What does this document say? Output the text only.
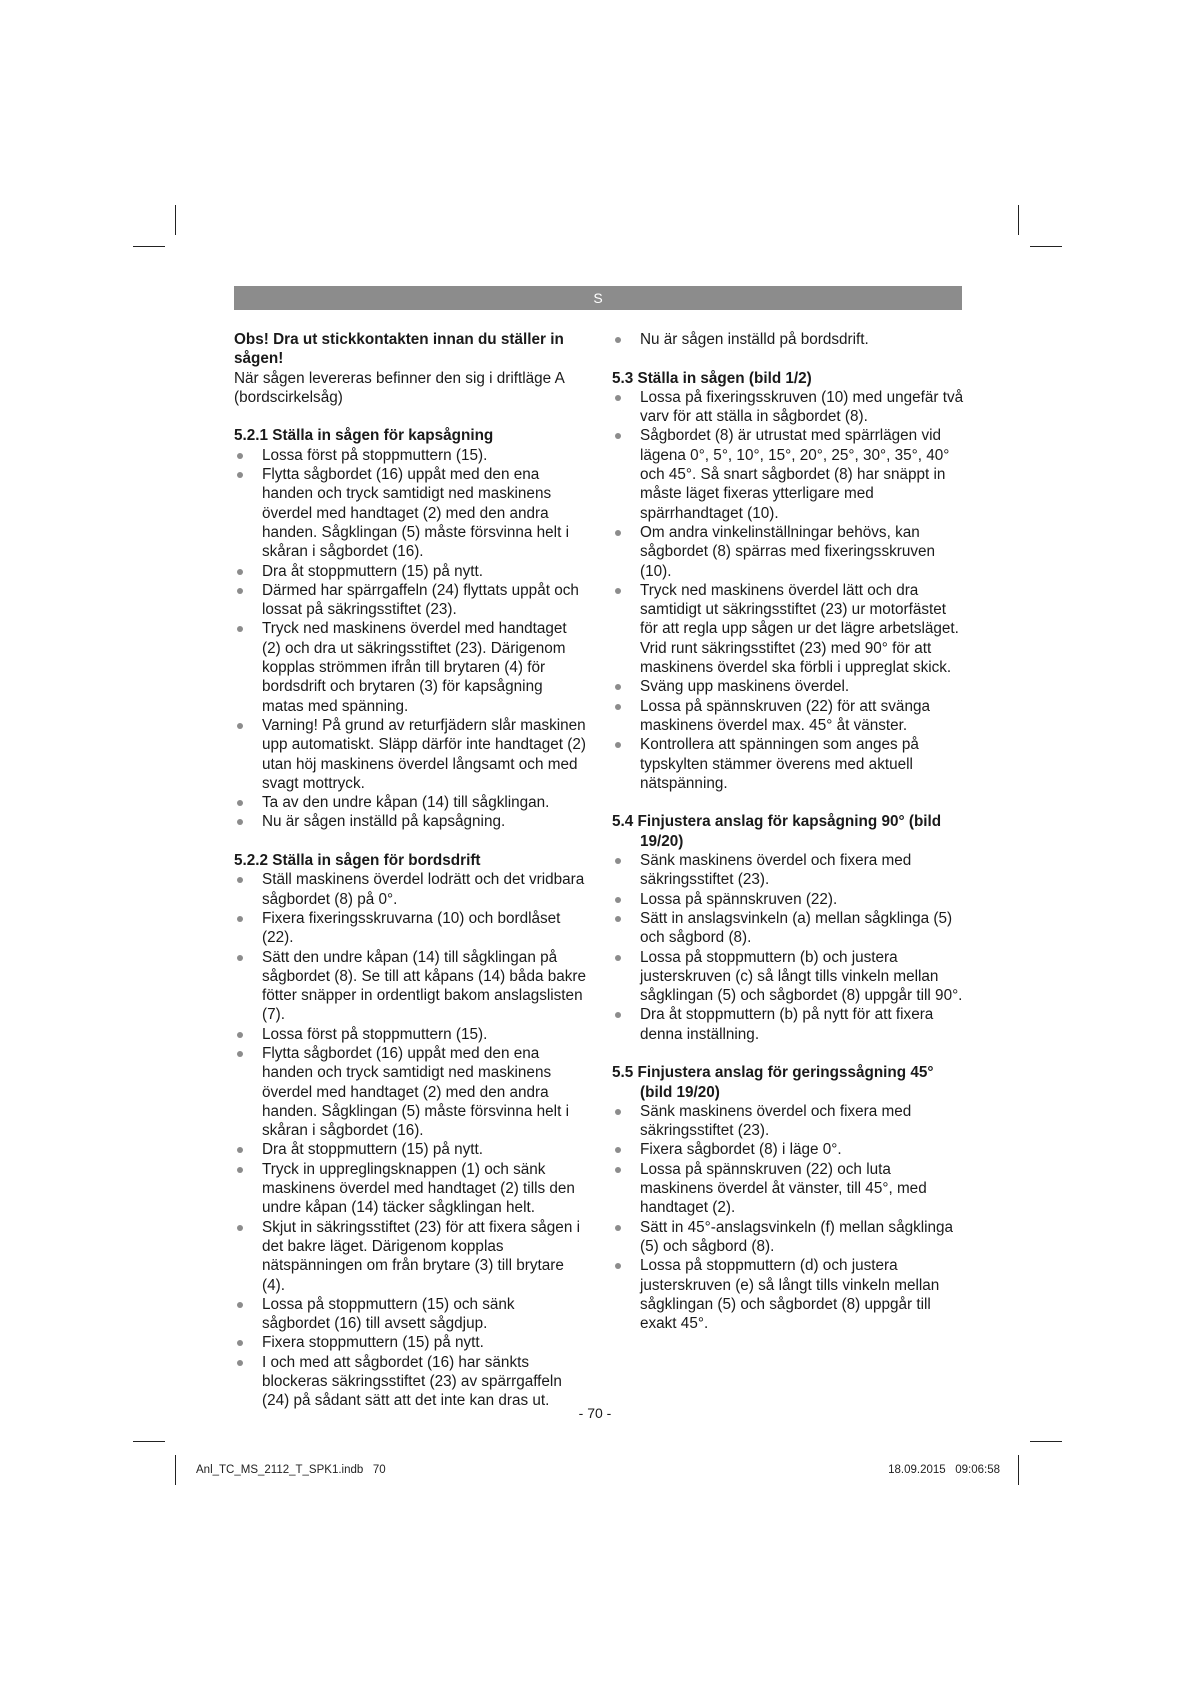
S

Obs! Dra ut stickkontakten innan du ställer in sågen!

När sågen levereras befinner den sig i driftläge A (bordscirkelsåg)

5.2.1 Ställa in sågen för kapsågning

Lossa först på stoppmuttern (15).
Flytta sågbordet (16) uppåt med den ena handen och tryck samtidigt ned maskinens överdel med handtaget (2) med den andra handen. Sågklingan (5) måste försvinna helt i skåran i sågbordet (16).
Dra åt stoppmuttern (15) på nytt.
Därmed har spärrgaffeln (24) flyttats uppåt och lossat på säkringsstiftet (23).
Tryck ned maskinens överdel med handtaget (2) och dra ut säkringsstiftet (23). Därigenom kopplas strömmen ifrån till brytaren (4) för bordsdrift och brytaren (3) för kapsågning matas med spänning.
Varning! På grund av returfjädern slår maskinen upp automatiskt. Släpp därför inte handtaget (2) utan höj maskinens överdel långsamt och med svagt mottryck.
Ta av den undre kåpan (14) till sågklingan.
Nu är sågen inställd på kapsågning.

5.2.2 Ställa in sågen för bordsdrift

Ställ maskinens överdel lodrätt och det vridbara sågbordet (8) på 0°.
Fixera fixeringsskruvarna (10) och bordlåset (22).
Sätt den undre kåpan (14) till sågklingan på sågbordet (8). Se till att kåpans (14) båda bakre fötter snäpper in ordentligt bakom anslagslisten (7).
Lossa först på stoppmuttern (15).
Flytta sågbordet (16) uppåt med den ena handen och tryck samtidigt ned maskinens överdel med handtaget (2) med den andra handen. Sågklingan (5) måste försvinna helt i skåran i sågbordet (16).
Dra åt stoppmuttern (15) på nytt.
Tryck in uppreglingsknappen (1) och sänk maskinens överdel med handtaget (2) tills den undre kåpan (14) täcker sågklingan helt.
Skjut in säkringsstiftet (23) för att fixera sågen i det bakre läget. Därigenom kopplas nätspänningen om från brytare (3) till brytare (4).
Lossa på stoppmuttern (15) och sänk sågbordet (16) till avsett sågdjup.
Fixera stoppmuttern (15) på nytt.
I och med att sågbordet (16) har sänkts blockeras säkringsstiftet (23) av spärrgaffeln (24) på sådant sätt att det inte kan dras ut.
Nu är sågen inställd på bordsdrift.

5.3 Ställa in sågen (bild 1/2)

Lossa på fixeringsskruven (10) med ungefär två varv för att ställa in sågbordet (8).
Sågbordet (8) är utrustat med spärrlägen vid lägena 0°, 5°, 10°, 15°, 20°, 25°, 30°, 35°, 40° och 45°. Så snart sågbordet (8) har snäppt in måste läget fixeras ytterligare med spärrhandtaget (10).
Om andra vinkelinställningar behövs, kan sågbordet (8) spärras med fixeringsskruven (10).
Tryck ned maskinens överdel lätt och dra samtidigt ut säkringsstiftet (23) ur motorfästet för att regla upp sågen ur det lägre arbetsläget. Vrid runt säkringsstiftet (23) med 90° för att maskinens överdel ska förbli i uppreglat skick.
Sväng upp maskinens överdel.
Lossa på spännskruven (22) för att svänga maskinens överdel max. 45° åt vänster.
Kontrollera att spänningen som anges på typskylten stämmer överens med aktuell nätspänning.

5.4 Finjustera anslag för kapsågning 90° (bild 19/20)

Sänk maskinens överdel och fixera med säkringsstiftet (23).
Lossa på spännskruven (22).
Sätt in anslagsvinkeln (a) mellan sågklinga (5) och sågbord (8).
Lossa på stoppmuttern (b) och justera justerskruven (c) så långt tills vinkeln mellan sågklingan (5) och sågbordet (8) uppgår till 90°.
Dra åt stoppmuttern (b) på nytt för att fixera denna inställning.

5.5 Finjustera anslag för geringssågning 45° (bild 19/20)

Sänk maskinens överdel och fixera med säkringsstiftet (23).
Fixera sågbordet (8) i läge 0°.
Lossa på spännskruven (22) och luta maskinens överdel åt vänster, till 45°, med handtaget (2).
Sätt in 45°-anslagsvinkeln (f) mellan sågklinga (5) och sågbord (8).
Lossa på stoppmuttern (d) och justera justerskruven (e) så långt tills vinkeln mellan sågklingan (5) och sågbordet (8) uppgår till exakt 45°.
- 70 -
Anl_TC_MS_2112_T_SPK1.indb   70	18.09.2015   09:06:58
